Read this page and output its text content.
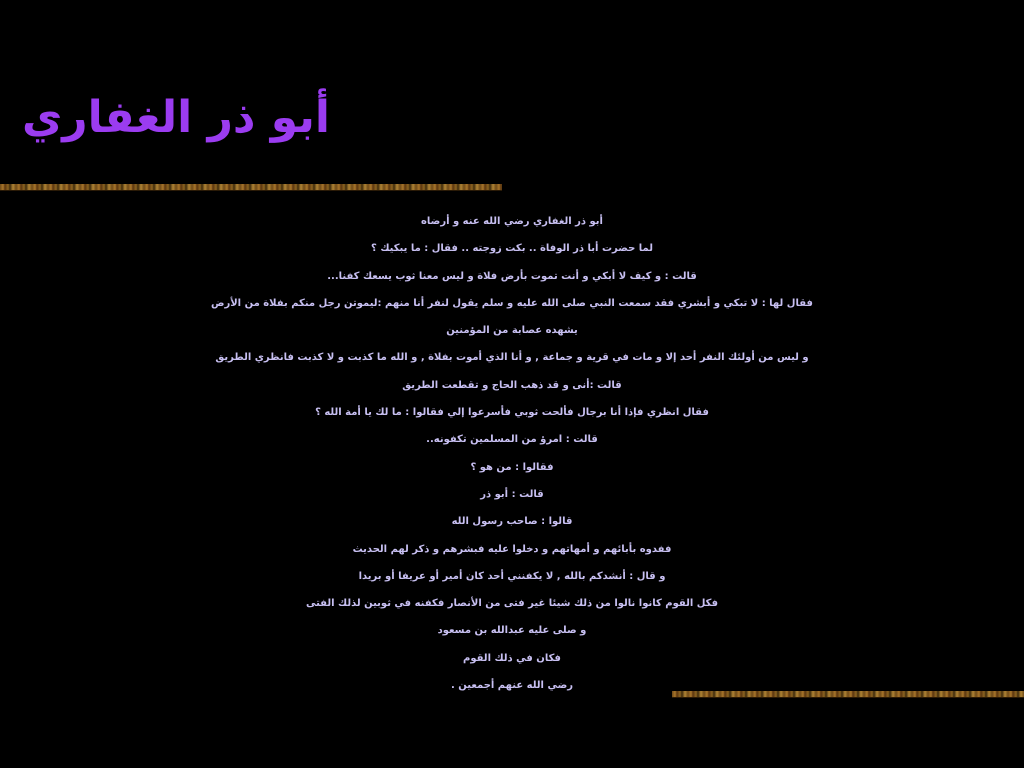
أبو ذر الغفاري
أبو ذر الغفاري رضي الله عنه و أرضاه
لما حضرت أبا ذر الوفاة .. بكت زوجته .. فقال : ما يبكيك ؟
قالت : و كيف لا أبكي و أنت تموت بأرض فلاة و ليس معنا ثوب يسعك كفنا...
فقال لها : لا تبكي و أبشري فقد سمعت النبي صلى الله عليه و سلم يقول لنفر أنا منهم :ليموتن رجل منكم بفلاة من الأرض
يشهده عصابة من المؤمنين
و ليس من أولئك النفر أحد إلا و مات في قرية و جماعة , و أنا الذي أموت بفلاة , و الله ما كذبت و لا كذبت فانظري الطريق
قالت :أنى و قد ذهب الحاج و تقطعت الطريق
فقال انظري فإذا أنا برجال فألحت ثوبي فأسرعوا إلي فقالوا : ما لك يا أمة الله ؟
قالت : امرؤ من المسلمين تكفونه..
فقالوا : من هو ؟
قالت : أبو ذر
قالوا : صاحب رسول الله
ففدوه بأبائهم و أمهاتهم و دخلوا عليه فبشرهم و ذكر لهم الحديث
و قال : أنشدكم بالله , لا يكفنني أحد كان أمير أو عريفا أو بريدا
فكل القوم كانوا نالوا من ذلك شيئا غير فتى من الأنصار فكفنه في ثوبين لذلك الفتى
و صلى عليه عبدالله بن مسعود
فكان في ذلك القوم
رضي الله عنهم أجمعين .
